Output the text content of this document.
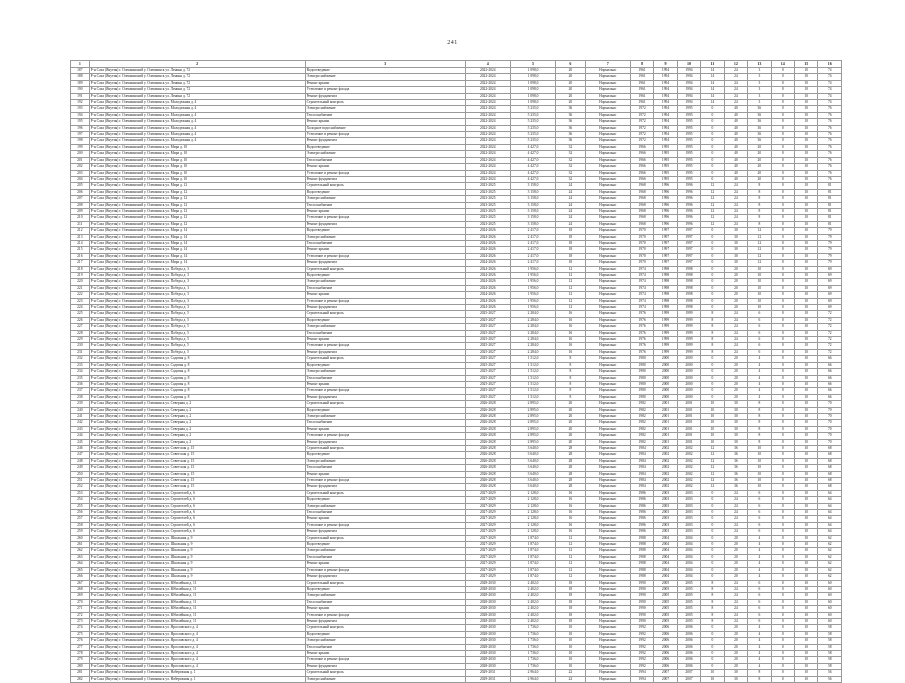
241
1	2	3	4	5	6	7	8	9	10	11	12	13	14	15	16
187	Р-н Саха (Якутия) г. Олекминский у. Олекминск ул. Ленина д. 72	Водоотведение	2022-2024	1 098,0	20	Нормально	1961	1994	1994	14	24	3	0	10	74
188	Р-н Саха (Якутия) г. Олекминский у. Олекминск ул. Ленина д. 72	Электроснабжение	2022-2024	1 098,0	20	Нормально	1961	1994	1994	14	24	3	0	10	74
189	Р-н Саха (Якутия) г. Олекминский у. Олекминск ул. Ленина д. 72	Ремонт крыши	2022-2024	1 098,0	20	Нормально	1961	1994	1994	14	24	3	0	10	74
190	Р-н Саха (Якутия) г. Олекминский у. Олекминск ул. Ленина д. 72	Утепление и ремонт фасада	2022-2024	1 098,0	20	Нормально	1961	1994	1994	14	24	3	0	10	74
191	Р-н Саха (Якутия) г. Олекминский у. Олекминск ул. Ленина д. 72	Ремонт фундамента	2022-2024	1 098,0	20	Нормально	1961	1994	1994	14	24	3	0	10	74
192	Р-н Саха (Якутия) г. Олекминский у. Олекминск ул. Молодежная д. 4	Строительный контроль	2022-2024	1 098,0	20	Нормально	1961	1994	1994	14	24	3	0	10	74
193	Р-н Саха (Якутия) г. Олекминский у. Олекминск ул. Молодежная д. 4	Электроснабжение	2022-2024	5 235,0	36	Нормально	1972	1994	1995	0	40	36	0	10	76
194	Р-н Саха (Якутия) г. Олекминский у. Олекминск ул. Молодежная д. 4	Теплоснабжение	2022-2024	5 235,0	36	Нормально	1972	1994	1995	0	40	36	0	10	76
195	Р-н Саха (Якутия) г. Олекминский у. Олекминск ул. Молодежная д. 4	Ремонт крыши	2022-2024	5 235,0	36	Нормально	1972	1994	1995	0	40	36	0	10	76
196	Р-н Саха (Якутия) г. Олекминский у. Олекминск ул. Молодежная д. 4	Холодное водоснабжение	2022-2024	5 235,0	36	Нормально	1972	1994	1995	0	40	36	0	10	76
197	Р-н Саха (Якутия) г. Олекминский у. Олекминск ул. Молодежная д. 4	Утепление и ремонт фасада	2022-2024	5 235,0	36	Нормально	1972	1994	1995	0	40	36	0	10	76
198	Р-н Саха (Якутия) г. Олекминский у. Олекминск ул. Молодежная д. 4	Ремонт фундамента	2022-2024	5 235,0	36	Нормально	1972	1994	1995	0	40	36	0	10	76
199	Р-н Саха (Якутия) г. Олекминский у. Олекминск ул. Мира д. 10	Водоотведение	2022-2024	4 427,0	32	Нормально	1966	1995	1995	0	40	20	0	10	76
200	Р-н Саха (Якутия) г. Олекминский у. Олекминск ул. Мира д. 10	Электроснабжение	2022-2024	4 427,0	32	Нормально	1966	1995	1995	0	40	20	0	10	76
201	Р-н Саха (Якутия) г. Олекминский у. Олекминск ул. Мира д. 10	Теплоснабжение	2022-2024	4 427,0	32	Нормально	1966	1995	1995	0	40	20	0	10	76
202	Р-н Саха (Якутия) г. Олекминский у. Олекминск ул. Мира д. 10	Ремонт крыши	2022-2024	4 427,0	32	Нормально	1966	1995	1995	0	40	20	0	10	76
203	Р-н Саха (Якутия) г. Олекминский у. Олекминск ул. Мира д. 10	Утепление и ремонт фасада	2022-2024	4 427,0	32	Нормально	1966	1995	1995	0	40	20	0	10	76
204	Р-н Саха (Якутия) г. Олекминский у. Олекминск ул. Мира д. 10	Ремонт фундамента	2022-2024	4 427,0	32	Нормально	1966	1995	1995	0	40	20	0	10	76
205	Р-н Саха (Якутия) г. Олекминский у. Олекминск ул. Мира д. 12	Строительный контроль	2023-2025	3 158,0	24	Нормально	1968	1996	1996	12	24	8	0	10	81
206	Р-н Саха (Якутия) г. Олекминский у. Олекминск ул. Мира д. 12	Водоотведение	2023-2025	3 158,0	24	Нормально	1968	1996	1996	12	24	8	0	10	81
207	Р-н Саха (Якутия) г. Олекминский у. Олекминск ул. Мира д. 12	Электроснабжение	2023-2025	3 158,0	24	Нормально	1968	1996	1996	12	24	8	0	10	81
208	Р-н Саха (Якутия) г. Олекминский у. Олекминск ул. Мира д. 12	Теплоснабжение	2023-2025	3 158,0	24	Нормально	1968	1996	1996	12	24	8	0	10	81
209	Р-н Саха (Якутия) г. Олекминский у. Олекминск ул. Мира д. 12	Ремонт крыши	2023-2025	3 158,0	24	Нормально	1968	1996	1996	12	24	8	0	10	81
210	Р-н Саха (Якутия) г. Олекминский у. Олекминск ул. Мира д. 12	Утепление и ремонт фасада	2023-2025	3 158,0	24	Нормально	1968	1996	1996	12	24	8	0	10	81
211	Р-н Саха (Якутия) г. Олекминский у. Олекминск ул. Мира д. 12	Ремонт фундамента	2023-2025	3 158,0	24	Нормально	1968	1996	1996	12	24	8	0	10	81
212	Р-н Саха (Якутия) г. Олекминский у. Олекминск ул. Мира д. 14	Водоотведение	2024-2026	2 417,0	18	Нормально	1970	1997	1997	0	30	12	0	10	79
213	Р-н Саха (Якутия) г. Олекминский у. Олекминск ул. Мира д. 14	Электроснабжение	2024-2026	2 417,0	18	Нормально	1970	1997	1997	0	30	12	0	10	79
214	Р-н Саха (Якутия) г. Олекминский у. Олекминск ул. Мира д. 14	Теплоснабжение	2024-2026	2 417,0	18	Нормально	1970	1997	1997	0	30	12	0	10	79
215	Р-н Саха (Якутия) г. Олекминский у. Олекминск ул. Мира д. 14	Ремонт крыши	2024-2026	2 417,0	18	Нормально	1970	1997	1997	0	30	12	0	10	79
216	Р-н Саха (Якутия) г. Олекминский у. Олекминск ул. Мира д. 14	Утепление и ремонт фасада	2024-2026	2 417,0	18	Нормально	1970	1997	1997	0	30	12	0	10	79
217	Р-н Саха (Якутия) г. Олекминский у. Олекминск ул. Мира д. 14	Ремонт фундамента	2024-2026	2 417,0	18	Нормально	1970	1997	1997	0	30	12	0	10	79
218	Р-н Саха (Якутия) г. Олекминский у. Олекминск ул. Победы д. 3	Строительный контроль	2024-2026	1 956,0	12	Нормально	1974	1998	1998	0	20	10	0	10	69
219	Р-н Саха (Якутия) г. Олекминский у. Олекминск ул. Победы д. 3	Водоотведение	2024-2026	1 956,0	12	Нормально	1974	1998	1998	0	20	10	0	10	69
220	Р-н Саха (Якутия) г. Олекминский у. Олекминск ул. Победы д. 3	Электроснабжение	2024-2026	1 956,0	12	Нормально	1974	1998	1998	0	20	10	0	10	69
221	Р-н Саха (Якутия) г. Олекминский у. Олекминск ул. Победы д. 3	Теплоснабжение	2024-2026	1 956,0	12	Нормально	1974	1998	1998	0	20	10	0	10	69
222	Р-н Саха (Якутия) г. Олекминский у. Олекминск ул. Победы д. 3	Ремонт крыши	2024-2026	1 956,0	12	Нормально	1974	1998	1998	0	20	10	0	10	69
223	Р-н Саха (Якутия) г. Олекминский у. Олекминск ул. Победы д. 3	Утепление и ремонт фасада	2024-2026	1 956,0	12	Нормально	1974	1998	1998	0	20	10	0	10	69
224	Р-н Саха (Якутия) г. Олекминский у. Олекминск ул. Победы д. 3	Ремонт фундамента	2024-2026	1 956,0	12	Нормально	1974	1998	1998	0	20	10	0	10	69
225	Р-н Саха (Якутия) г. Олекминский у. Олекминск ул. Победы д. 5	Строительный контроль	2025-2027	2 284,0	16	Нормально	1976	1999	1999	8	24	6	0	10	72
226	Р-н Саха (Якутия) г. Олекминский у. Олекминск ул. Победы д. 5	Водоотведение	2025-2027	2 284,0	16	Нормально	1976	1999	1999	8	24	6	0	10	72
227	Р-н Саха (Якутия) г. Олекминский у. Олекминск ул. Победы д. 5	Электроснабжение	2025-2027	2 284,0	16	Нормально	1976	1999	1999	8	24	6	0	10	72
228	Р-н Саха (Якутия) г. Олекминский у. Олекминск ул. Победы д. 5	Теплоснабжение	2025-2027	2 284,0	16	Нормально	1976	1999	1999	8	24	6	0	10	72
229	Р-н Саха (Якутия) г. Олекминский у. Олекминск ул. Победы д. 5	Ремонт крыши	2025-2027	2 284,0	16	Нормально	1976	1999	1999	8	24	6	0	10	72
230	Р-н Саха (Якутия) г. Олекминский у. Олекминск ул. Победы д. 5	Утепление и ремонт фасада	2025-2027	2 284,0	16	Нормально	1976	1999	1999	8	24	6	0	10	72
231	Р-н Саха (Якутия) г. Олекминский у. Олекминск ул. Победы д. 5	Ремонт фундамента	2025-2027	2 284,0	16	Нормально	1976	1999	1999	8	24	6	0	10	72
232	Р-н Саха (Якутия) г. Олекминский у. Олекминск ул. Садовая д. 8	Строительный контроль	2025-2027	1 512,0	8	Нормально	1980	2000	2000	0	20	4	0	10	66
233	Р-н Саха (Якутия) г. Олекминский у. Олекминск ул. Садовая д. 8	Водоотведение	2025-2027	1 512,0	8	Нормально	1980	2000	2000	0	20	4	0	10	66
234	Р-н Саха (Якутия) г. Олекминский у. Олекминск ул. Садовая д. 8	Электроснабжение	2025-2027	1 512,0	8	Нормально	1980	2000	2000	0	20	4	0	10	66
235	Р-н Саха (Якутия) г. Олекминский у. Олекминск ул. Садовая д. 8	Теплоснабжение	2025-2027	1 512,0	8	Нормально	1980	2000	2000	0	20	4	0	10	66
236	Р-н Саха (Якутия) г. Олекминский у. Олекминск ул. Садовая д. 8	Ремонт крыши	2025-2027	1 512,0	8	Нормально	1980	2000	2000	0	20	4	0	10	66
237	Р-н Саха (Якутия) г. Олекминский у. Олекминск ул. Садовая д. 8	Утепление и ремонт фасада	2025-2027	1 512,0	8	Нормально	1980	2000	2000	0	20	4	0	10	66
238	Р-н Саха (Якутия) г. Олекминский у. Олекминск ул. Садовая д. 8	Ремонт фундамента	2025-2027	1 512,0	8	Нормально	1980	2000	2000	0	20	4	0	10	66
239	Р-н Саха (Якутия) г. Олекминский у. Олекминск ул. Северная д. 2	Строительный контроль	2026-2028	2 895,0	20	Нормально	1982	2001	2001	10	30	8	0	10	70
240	Р-н Саха (Якутия) г. Олекминский у. Олекминск ул. Северная д. 2	Водоотведение	2026-2028	2 895,0	20	Нормально	1982	2001	2001	10	30	8	0	10	70
241	Р-н Саха (Якутия) г. Олекминский у. Олекминск ул. Северная д. 2	Электроснабжение	2026-2028	2 895,0	20	Нормально	1982	2001	2001	10	30	8	0	10	70
242	Р-н Саха (Якутия) г. Олекминский у. Олекминск ул. Северная д. 2	Теплоснабжение	2026-2028	2 895,0	20	Нормально	1982	2001	2001	10	30	8	0	10	70
243	Р-н Саха (Якутия) г. Олекминский у. Олекминск ул. Северная д. 2	Ремонт крыши	2026-2028	2 895,0	20	Нормально	1982	2001	2001	10	30	8	0	10	70
244	Р-н Саха (Якутия) г. Олекминский у. Олекминск ул. Северная д. 2	Утепление и ремонт фасада	2026-2028	2 895,0	20	Нормально	1982	2001	2001	10	30	8	0	10	70
245	Р-н Саха (Якутия) г. Олекминский у. Олекминск ул. Северная д. 2	Ремонт фундамента	2026-2028	2 895,0	20	Нормально	1982	2001	2001	10	30	8	0	10	70
246	Р-н Саха (Якутия) г. Олекминский у. Олекминск ул. Советская д. 15	Строительный контроль	2026-2028	3 640,0	28	Нормально	1984	2002	2002	12	36	10	0	10	68
247	Р-н Саха (Якутия) г. Олекминский у. Олекминск ул. Советская д. 15	Водоотведение	2026-2028	3 640,0	28	Нормально	1984	2002	2002	12	36	10	0	10	68
248	Р-н Саха (Якутия) г. Олекминский у. Олекминск ул. Советская д. 15	Электроснабжение	2026-2028	3 640,0	28	Нормально	1984	2002	2002	12	36	10	0	10	68
249	Р-н Саха (Якутия) г. Олекминский у. Олекминск ул. Советская д. 15	Теплоснабжение	2026-2028	3 640,0	28	Нормально	1984	2002	2002	12	36	10	0	10	68
250	Р-н Саха (Якутия) г. Олекминский у. Олекминск ул. Советская д. 15	Ремонт крыши	2026-2028	3 640,0	28	Нормально	1984	2002	2002	12	36	10	0	10	68
251	Р-н Саха (Якутия) г. Олекминский у. Олекминск ул. Советская д. 15	Утепление и ремонт фасада	2026-2028	3 640,0	28	Нормально	1984	2002	2002	12	36	10	0	10	68
252	Р-н Саха (Якутия) г. Олекминский у. Олекминск ул. Советская д. 15	Ремонт фундамента	2026-2028	3 640,0	28	Нормально	1984	2002	2002	12	36	10	0	10	68
253	Р-н Саха (Якутия) г. Олекминский у. Олекминск ул. Строителей д. 6	Строительный контроль	2027-2029	2 128,0	16	Нормально	1986	2003	2003	0	24	6	0	10	64
254	Р-н Саха (Якутия) г. Олекминский у. Олекминск ул. Строителей д. 6	Водоотведение	2027-2029	2 128,0	16	Нормально	1986	2003	2003	0	24	6	0	10	64
255	Р-н Саха (Якутия) г. Олекминский у. Олекминск ул. Строителей д. 6	Электроснабжение	2027-2029	2 128,0	16	Нормально	1986	2003	2003	0	24	6	0	10	64
256	Р-н Саха (Якутия) г. Олекминский у. Олекминск ул. Строителей д. 6	Теплоснабжение	2027-2029	2 128,0	16	Нормально	1986	2003	2003	0	24	6	0	10	64
257	Р-н Саха (Якутия) г. Олекминский у. Олекминск ул. Строителей д. 6	Ремонт крыши	2027-2029	2 128,0	16	Нормально	1986	2003	2003	0	24	6	0	10	64
258	Р-н Саха (Якутия) г. Олекминский у. Олекминск ул. Строителей д. 6	Утепление и ремонт фасада	2027-2029	2 128,0	16	Нормально	1986	2003	2003	0	24	6	0	10	64
259	Р-н Саха (Якутия) г. Олекминский у. Олекминск ул. Строителей д. 6	Ремонт фундамента	2027-2029	2 128,0	16	Нормально	1986	2003	2003	0	24	6	0	10	64
260	Р-н Саха (Якутия) г. Олекминский у. Олекминск ул. Школьная д. 9	Строительный контроль	2027-2029	1 874,0	12	Нормально	1988	2004	2004	0	20	4	0	10	62
261	Р-н Саха (Якутия) г. Олекминский у. Олекминск ул. Школьная д. 9	Водоотведение	2027-2029	1 874,0	12	Нормально	1988	2004	2004	0	20	4	0	10	62
262	Р-н Саха (Якутия) г. Олекминский у. Олекминск ул. Школьная д. 9	Электроснабжение	2027-2029	1 874,0	12	Нормально	1988	2004	2004	0	20	4	0	10	62
263	Р-н Саха (Якутия) г. Олекминский у. Олекминск ул. Школьная д. 9	Теплоснабжение	2027-2029	1 874,0	12	Нормально	1988	2004	2004	0	20	4	0	10	62
264	Р-н Саха (Якутия) г. Олекминский у. Олекминск ул. Школьная д. 9	Ремонт крыши	2027-2029	1 874,0	12	Нормально	1988	2004	2004	0	20	4	0	10	62
265	Р-н Саха (Якутия) г. Олекминский у. Олекминск ул. Школьная д. 9	Утепление и ремонт фасада	2027-2029	1 874,0	12	Нормально	1988	2004	2004	0	20	4	0	10	62
266	Р-н Саха (Якутия) г. Олекминский у. Олекминск ул. Школьная д. 9	Ремонт фундамента	2027-2029	1 874,0	12	Нормально	1988	2004	2004	0	20	4	0	10	62
267	Р-н Саха (Якутия) г. Олекминский у. Олекминск ул. Юбилейная д. 11	Строительный контроль	2028-2030	2 402,0	18	Нормально	1990	2005	2005	8	24	6	0	10	60
268	Р-н Саха (Якутия) г. Олекминский у. Олекминск ул. Юбилейная д. 11	Водоотведение	2028-2030	2 402,0	18	Нормально	1990	2005	2005	8	24	6	0	10	60
269	Р-н Саха (Якутия) г. Олекминский у. Олекминск ул. Юбилейная д. 11	Электроснабжение	2028-2030	2 402,0	18	Нормально	1990	2005	2005	8	24	6	0	10	60
270	Р-н Саха (Якутия) г. Олекминский у. Олекминск ул. Юбилейная д. 11	Теплоснабжение	2028-2030	2 402,0	18	Нормально	1990	2005	2005	8	24	6	0	10	60
271	Р-н Саха (Якутия) г. Олекминский у. Олекминск ул. Юбилейная д. 11	Ремонт крыши	2028-2030	2 402,0	18	Нормально	1990	2005	2005	8	24	6	0	10	60
272	Р-н Саха (Якутия) г. Олекминский у. Олекминск ул. Юбилейная д. 11	Утепление и ремонт фасада	2028-2030	2 402,0	18	Нормально	1990	2005	2005	8	24	6	0	10	60
273	Р-н Саха (Якутия) г. Олекминский у. Олекминск ул. Юбилейная д. 11	Ремонт фундамента	2028-2030	2 402,0	18	Нормально	1990	2005	2005	8	24	6	0	10	60
274	Р-н Саха (Якутия) г. Олекминский у. Олекминск ул. Ярославского д. 4	Строительный контроль	2028-2030	1 736,0	10	Нормально	1992	2006	2006	0	20	4	0	10	58
275	Р-н Саха (Якутия) г. Олекминский у. Олекминск ул. Ярославского д. 4	Водоотведение	2028-2030	1 736,0	10	Нормально	1992	2006	2006	0	20	4	0	10	58
276	Р-н Саха (Якутия) г. Олекминский у. Олекминск ул. Ярославского д. 4	Электроснабжение	2028-2030	1 736,0	10	Нормально	1992	2006	2006	0	20	4	0	10	58
277	Р-н Саха (Якутия) г. Олекминский у. Олекминск ул. Ярославского д. 4	Теплоснабжение	2028-2030	1 736,0	10	Нормально	1992	2006	2006	0	20	4	0	10	58
278	Р-н Саха (Якутия) г. Олекминский у. Олекминск ул. Ярославского д. 4	Ремонт крыши	2028-2030	1 736,0	10	Нормально	1992	2006	2006	0	20	4	0	10	58
279	Р-н Саха (Якутия) г. Олекминский у. Олекминск ул. Ярославского д. 4	Утепление и ремонт фасада	2028-2030	1 736,0	10	Нормально	1992	2006	2006	0	20	4	0	10	58
280	Р-н Саха (Якутия) г. Олекминский у. Олекминск ул. Ярославского д. 4	Ремонт фундамента	2028-2030	1 736,0	10	Нормально	1992	2006	2006	0	20	4	0	10	58
281	Р-н Саха (Якутия) г. Олекминский у. Олекминск ул. Набережная д. 1	Строительный контроль	2029-2031	2 964,0	22	Нормально	1994	2007	2007	10	30	8	0	10	56
282	Р-н Саха (Якутия) г. Олекминский у. Олекминск ул. Набережная д. 1	Электроснабжение	2029-2031	2 964,0	22	Нормально	1994	2007	2007	10	30	8	0	10	56
